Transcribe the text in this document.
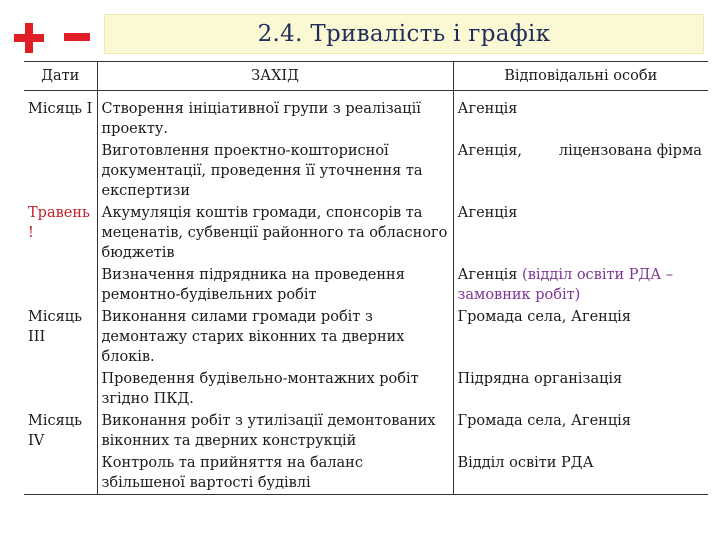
2.4. Тривалість і графік
Дати	ЗАХІД	Відповідальні особи
Місяць І	Створення ініціативної групи з реалізації проекту.	Агенція
	Виготовлення проектно-кошторисної документації, проведення її уточнення та експертизи	Агенція,        ліцензована фірма
Травень !	Акумуляція коштів громади, спонсорів та меценатів, субвенції районного та обласного бюджетів	Агенція
	Визначення підрядника на проведення ремонтно-будівельних робіт	Агенція (відділ освіти РДА – замовник робіт)
Місяць ІІІ	Виконання силами громади робіт з демонтажу старих віконних та дверних блоків.	Громада села, Агенція
	Проведення будівельно-монтажних робіт згідно ПКД.	Підрядна організація
Місяць ІV	Виконання робіт з утилізації демонтованих віконних та дверних конструкцій	Громада села, Агенція
	Контроль та прийняття на баланс збільшеної вартості будівлі	Відділ освіти РДА
